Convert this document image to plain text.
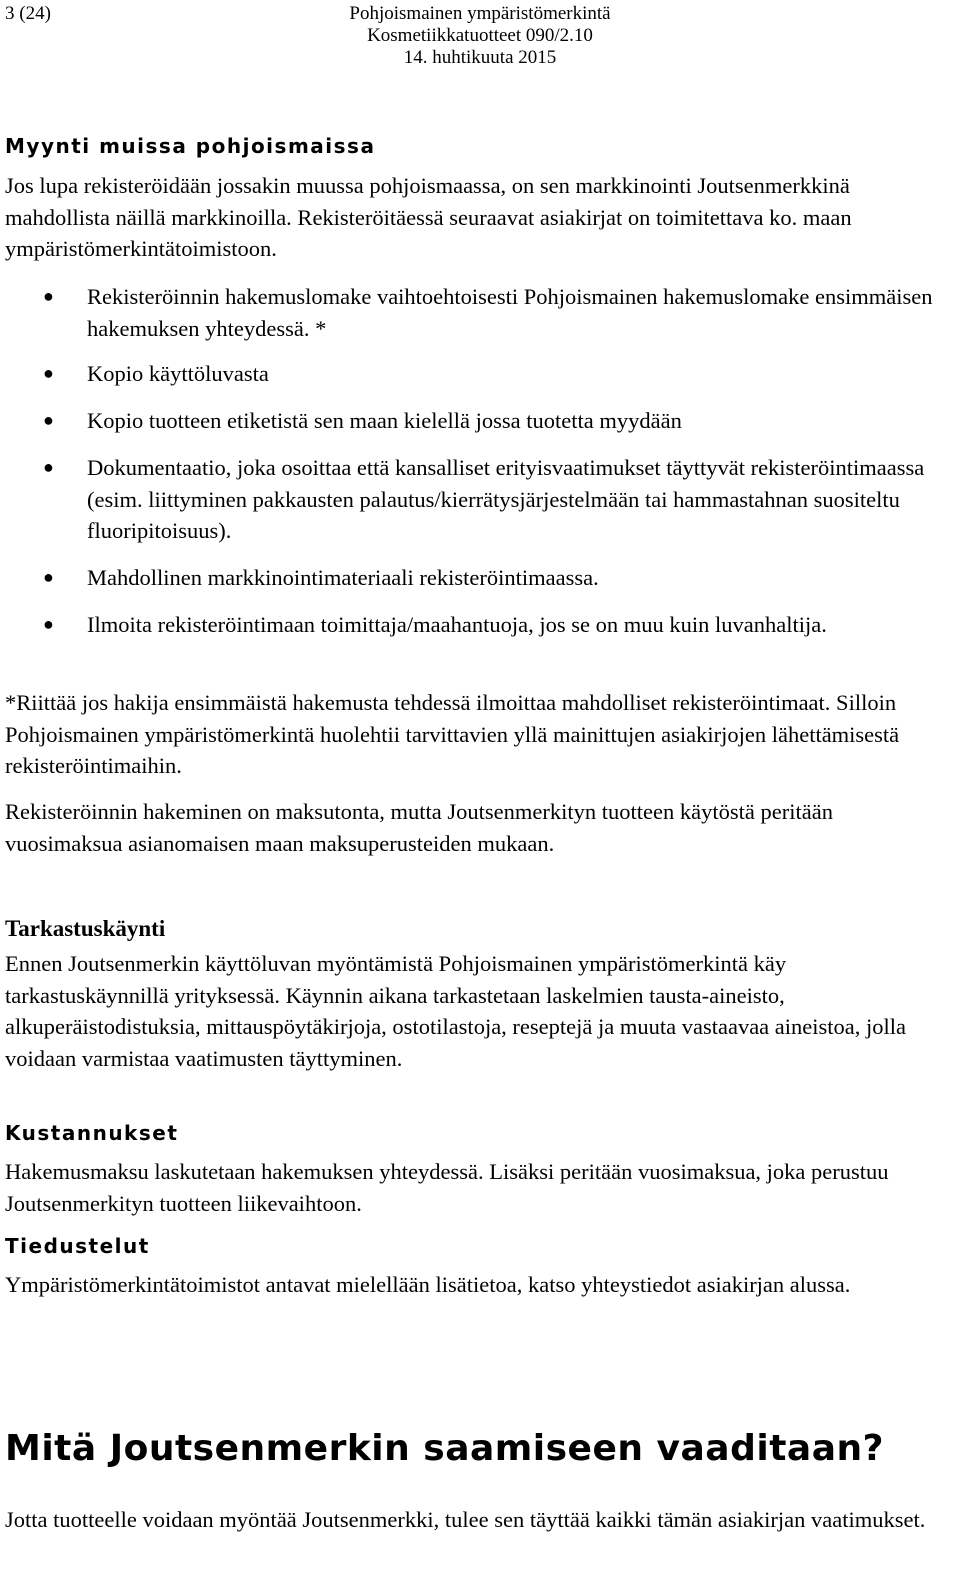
3 (24)	Pohjoismainen ympäristömerkintä
Kosmetiikkatuotteet 090/2.10
14. huhtikuuta 2015
Myynti muissa pohjoismaissa

Jos lupa rekisteröidään jossakin muussa pohjoismaassa, on sen markkinointi Joutsenmerkkinä mahdollista näillä markkinoilla. Rekisteröitäessä seuraavat asiakirjat on toimitettava ko. maan ympäristömerkintätoimistoon.

● Rekisteröinnin hakemuslomake vaihtoehtoisesti Pohjoismainen hakemuslomake ensimmäisen hakemuksen yhteydessä. *
● Kopio käyttöluvasta
● Kopio tuotteen etiketistä sen maan kielellä jossa tuotetta myydään
● Dokumentaatio, joka osoittaa että kansalliset erityisvaatimukset täyttyvät rekisteröintimaassa (esim. liittyminen pakkausten palautus/kierrätysjärjestelmään tai hammastahnan suositeltu fluoripitoisuus).
● Mahdollinen markkinointimateriaali rekisteröintimaassa.
● Ilmoita rekisteröintimaan toimittaja/maahantuoja, jos se on muu kuin luvanhaltija.

*Riittää jos hakija ensimmäistä hakemusta tehdessä ilmoittaa mahdolliset rekisteröintimaat. Silloin Pohjoismainen ympäristömerkintä huolehtii tarvittavien yllä mainittujen asiakirjojen lähettämisestä rekisteröintimaihin.

Rekisteröinnin hakeminen on maksutonta, mutta Joutsenmerkityn tuotteen käytöstä peritään vuosimaksua asianomaisen maan maksuperusteiden mukaan.

Tarkastuskäynti

Ennen Joutsenmerkin käyttöluvan myöntämistä Pohjoismainen ympäristömerkintä käy tarkastuskäynnillä yrityksessä. Käynnin aikana tarkastetaan laskelmien tausta-aineisto, alkuperäistodistuksia, mittauspöytäkirjoja, ostotilastoja, reseptejä ja muuta vastaavaa aineistoa, jolla voidaan varmistaa vaatimusten täyttyminen.

Kustannukset

Hakemusmaksu laskutetaan hakemuksen yhteydessä. Lisäksi peritään vuosimaksua, joka perustuu Joutsenmerkityn tuotteen liikevaihtoon.

Tiedustelut

Ympäristömerkintätoimistot antavat mielellään lisätietoa, katso yhteystiedot asiakirjan alussa.

Mitä Joutsenmerkin saamiseen vaaditaan?

Jotta tuotteelle voidaan myöntää Joutsenmerkki, tulee sen täyttää kaikki tämän asiakirjan vaatimukset.
